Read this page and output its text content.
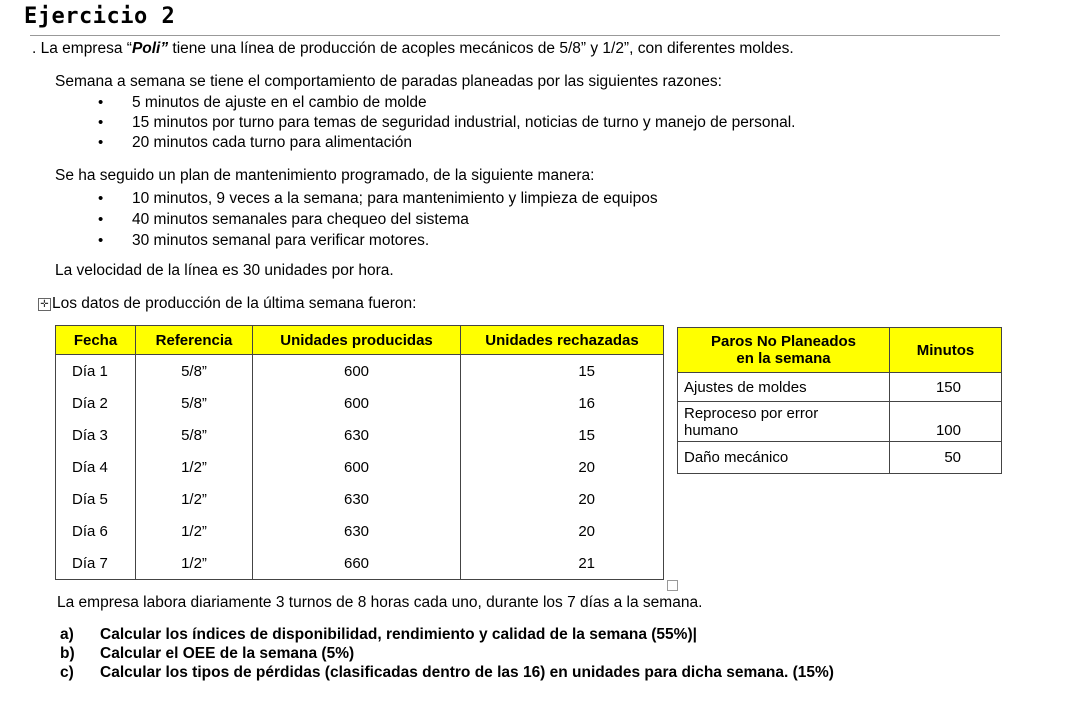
Ejercicio 2
. La empresa “Poli” tiene una línea de producción de acoples mecánicos de 5/8” y 1/2”, con diferentes moldes.
Semana a semana se tiene el comportamiento de paradas planeadas por las siguientes razones:
• 5 minutos de ajuste en el cambio de molde
• 15 minutos por turno para temas de seguridad industrial, noticias de turno y manejo de personal.
• 20 minutos cada turno para alimentación
Se ha seguido un plan de mantenimiento programado, de la siguiente manera:
• 10 minutos, 9 veces a la semana; para mantenimiento y limpieza de equipos
• 40 minutos semanales para chequeo del sistema
• 30 minutos semanal para verificar motores.
La velocidad de la línea es 30 unidades por hora.
✛ Los datos de producción de la última semana fueron:
Fecha	Referencia	Unidades producidas	Unidades rechazadas
Día 1	5/8”	600	15
Día 2	5/8”	600	16
Día 3	5/8”	630	15
Día 4	1/2”	600	20
Día 5	1/2”	630	20
Día 6	1/2”	630	20
Día 7	1/2”	660	21
Paros No Planeados
en la semana	Minutos
Ajustes de moldes	150
Reproceso por error
humano	100
Daño mecánico	50
La empresa labora diariamente 3 turnos de 8 horas cada uno, durante los 7 días a la semana.
a) Calcular los índices de disponibilidad, rendimiento y calidad de la semana (55%)|
b) Calcular el OEE de la semana (5%)
c) Calcular los tipos de pérdidas (clasificadas dentro de las 16) en unidades para dicha semana. (15%)
